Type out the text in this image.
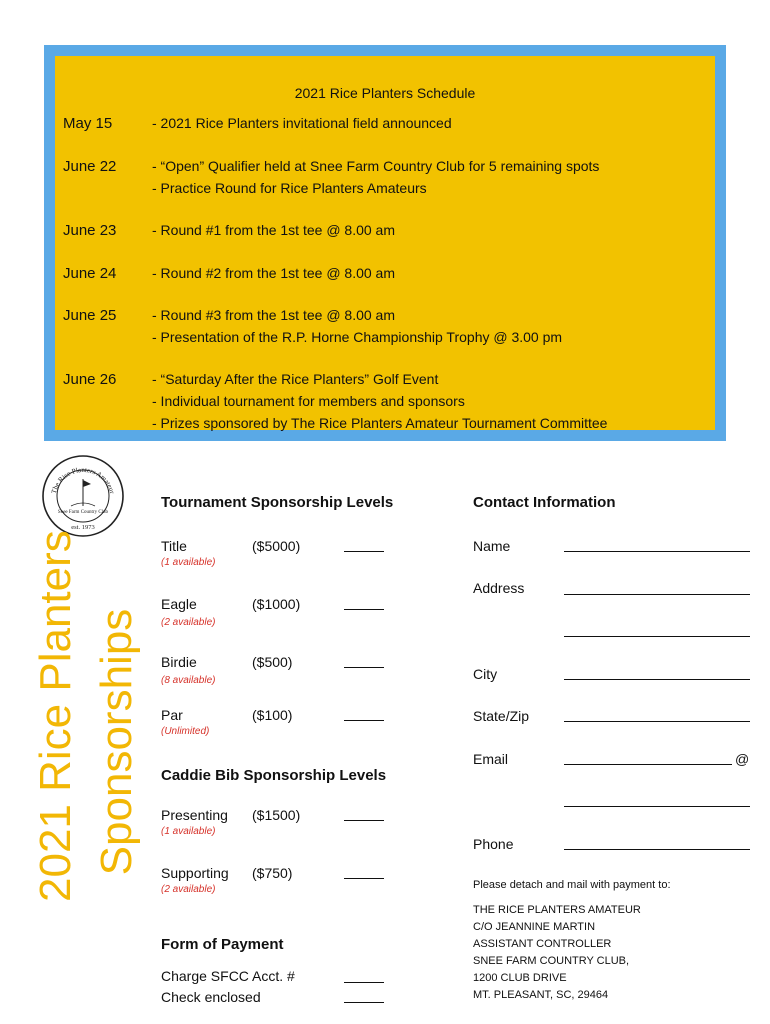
2021 Rice Planters Schedule
May 15	- 2021 Rice Planters invitational field announced
June 22	- “Open” Qualifier held at Snee Farm Country Club for 5 remaining spots
- Practice Round for Rice Planters Amateurs
June 23	- Round #1 from the 1st tee @ 8.00 am
June 24	- Round #2 from the 1st tee @ 8.00 am
June 25	- Round #3 from the 1st tee @ 8.00 am
- Presentation of the R.P. Horne Championship Trophy @ 3.00 pm
June 26	- “Saturday After the Rice Planters” Golf Event
- Individual tournament for members and sponsors
- Prizes sponsored by The Rice Planters Amateur Tournament Committee
The Rice Planters Amateur
Snee Farm Country Club
est. 1973
2021 Rice Planters Sponsorships
Tournament Sponsorship Levels
Title	($5000)
(1 available)
Eagle	($1000)
(2 available)
Birdie	($500)
(8 available)
Par	($100)
(Unlimited)
Caddie Bib Sponsorship Levels
Presenting ($1500)
(1 available)
Supporting ($750)
(2 available)
Form of Payment
Charge SFCC Acct. #
Check enclosed
Contact Information
Name
Address
City
State/Zip
Email	@
Phone
Please detach and mail with payment to:
THE RICE PLANTERS AMATEUR
C/O JEANNINE MARTIN
ASSISTANT CONTROLLER
SNEE FARM COUNTRY CLUB,
1200 CLUB DRIVE
MT. PLEASANT, SC, 29464
